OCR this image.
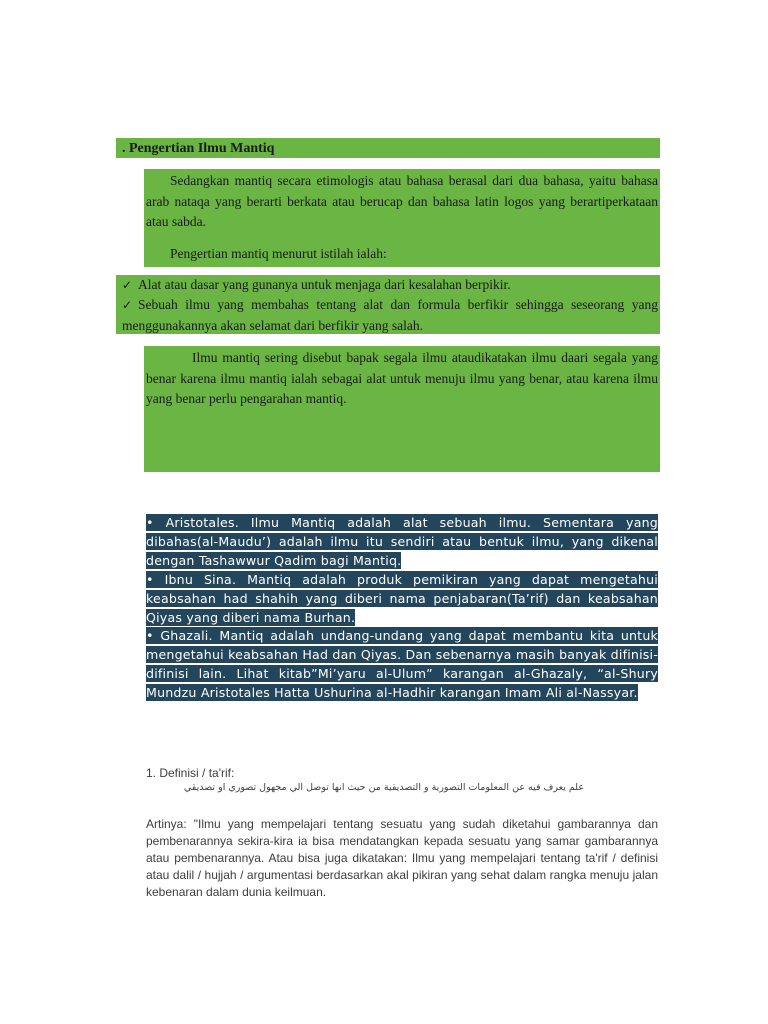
. Pengertian Ilmu Mantiq
Sedangkan mantiq secara etimologis atau bahasa berasal dari dua bahasa, yaitu bahasa arab nataqa yang berarti berkata atau berucap dan bahasa latin logos yang berartiperkataan atau sabda.
Pengertian mantiq menurut istilah ialah:
✓ Alat atau dasar yang gunanya untuk menjaga dari kesalahan berpikir.
✓ Sebuah ilmu yang membahas tentang alat dan formula berfikir sehingga seseorang yang menggunakannya akan selamat dari berfikir yang salah.
Ilmu mantiq sering disebut bapak segala ilmu ataudikatakan ilmu daari segala yang benar karena ilmu mantiq ialah sebagai alat untuk menuju ilmu yang benar, atau karena ilmu yang benar perlu pengarahan mantiq.
• Aristotales. Ilmu Mantiq adalah alat sebuah ilmu. Sementara yang dibahas(al-Maudu’) adalah ilmu itu sendiri atau bentuk ilmu, yang dikenal dengan Tashawwur Qadim bagi Mantiq.
• Ibnu Sina. Mantiq adalah produk pemikiran yang dapat mengetahui keabsahan had shahih yang diberi nama penjabaran(Ta’rif) dan keabsahan Qiyas yang diberi nama Burhan.
• Ghazali. Mantiq adalah undang-undang yang dapat membantu kita untuk mengetahui keabsahan Had dan Qiyas. Dan sebenarnya masih banyak difinisi-difinisi lain. Lihat kitab”Mi’yaru al-Ulum” karangan al-Ghazaly, “al-Shury Mundzu Aristotales Hatta Ushurina al-Hadhir karangan Imam Ali al-Nassyar.
1. Definisi / ta'rif:
علم يعرف فيه عن المعلومات التصورية و التصديقية من حيث انها توصل الي مجهول تصوري او تصديقي
Artinya: "Ilmu yang mempelajari tentang sesuatu yang sudah diketahui gambarannya dan pembenarannya sekira-kira ia bisa mendatangkan kepada sesuatu yang samar gambarannya atau pembenarannya. Atau bisa juga dikatakan: Ilmu yang mempelajari tentang ta'rif / definisi atau dalil / hujjah / argumentasi berdasarkan akal pikiran yang sehat dalam rangka menuju jalan kebenaran dalam dunia keilmuan.
